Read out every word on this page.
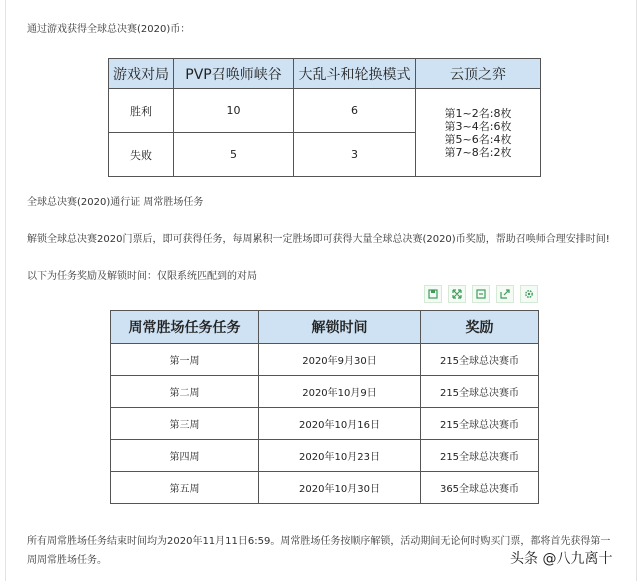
通过游戏获得全球总决赛(2020)币：
游戏对局	PVP召唤师峡谷	大乱斗和轮换模式	云顶之弈
胜利	10	6	第1~2名:8枚
第3~4名:6枚
第5~6名:4枚
第7~8名:2枚

失败	5	3	
全球总决赛(2020)通行证 周常胜场任务
解锁全球总决赛2020门票后，即可获得任务，每周累积一定胜场即可获得大量全球总决赛(2020)币奖励，帮助召唤师合理安排时间!
以下为任务奖励及解锁时间：仅限系统匹配到的对局
周常胜场任务任务	解锁时间	奖励
第一周	2020年9月30日	215全球总决赛币
第二周	2020年10月9日	215全球总决赛币
第三周	2020年10月16日	215全球总决赛币
第四周	2020年10月23日	215全球总决赛币
第五周	2020年10月30日	365全球总决赛币
所有周常胜场任务结束时间均为2020年11月11日6:59。周常胜场任务按顺序解锁，活动期间无论何时购买门票，都将首先获得第一
周周常胜场任务。	头条 @八九离十
